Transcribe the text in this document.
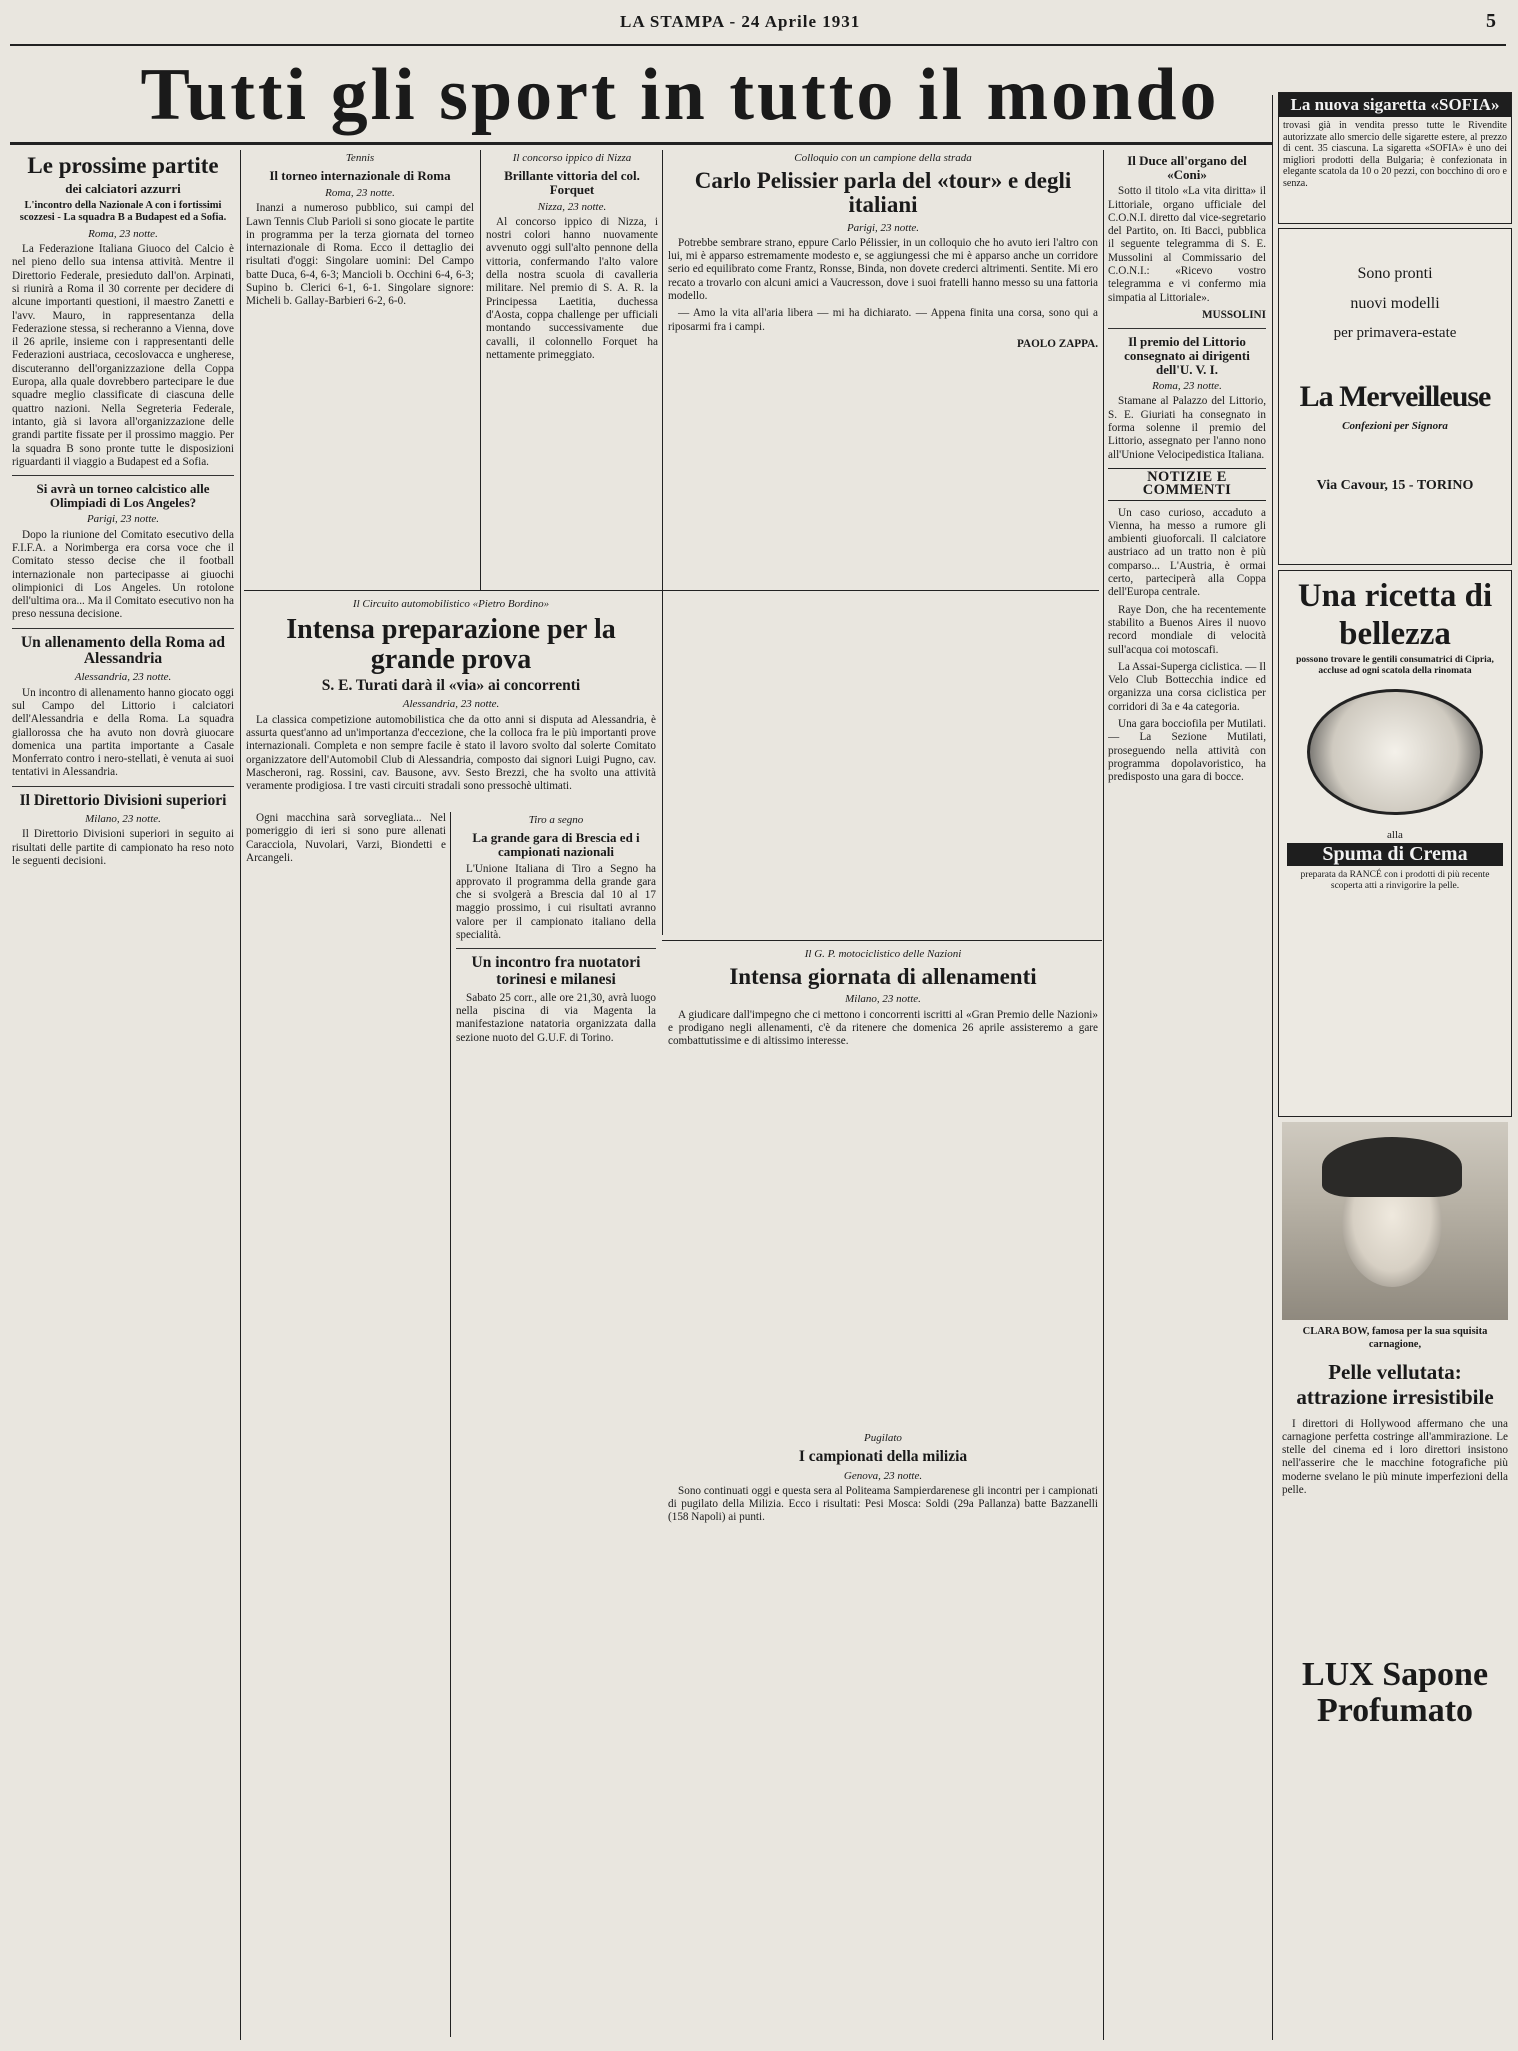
LA STAMPA - 24 Aprile 1931	5
Tutti gli sport in tutto il mondo
Le prossime partite
dei calciatori azzurri
L'incontro della Nazionale A con i fortissimi scozzesi - La squadra B a Budapest ed a Sofia.
Roma, 23 notte.

La Federazione Italiana Giuoco del Calcio è nel pieno dello sua intensa attività. Mentre il Direttorio Federale, presieduto dall'on. Arpinati, si riunirà a Roma il 30 corrente per decidere di alcune importanti questioni, il maestro Zanetti e l'avv. Mauro, in rappresentanza della Federazione stessa, si recheranno a Vienna, dove il 26 aprile, insieme con i rappresentanti delle Federazioni austriaca, cecoslovacca e ungherese, discuteranno dell'organizzazione della Coppa Europa, alla quale dovrebbero partecipare le due squadre meglio classificate di ciascuna delle quattro nazioni. Nella Segreteria Federale, intanto, già si lavora all'organizzazione delle grandi partite fissate per il prossimo maggio. Per la squadra B sono pronte tutte le disposizioni riguardanti il viaggio a Budapest ed a Sofia.

Si avrà un torneo calcistico alle Olimpiadi di Los Angeles?
Parigi, 23 notte.

Dopo la riunione del Comitato esecutivo della F.I.F.A. a Norimberga era corsa voce che il Comitato stesso decise che il football internazionale non partecipasse ai giuochi olimpionici di Los Angeles. Un rotolone dell'ultima ora... Ma il Comitato esecutivo non ha preso nessuna decisione.

Un allenamento della Roma ad Alessandria
Alessandria, 23 notte.

Un incontro di allenamento hanno giocato oggi sul Campo del Littorio i calciatori dell'Alessandria e della Roma. La squadra giallorossa che ha avuto non dovrà giuocare domenica una partita importante a Casale Monferrato contro i nero-stellati, è venuta ai suoi tentativi in Alessandria.

Il Direttorio Divisioni superiori
Milano, 23 notte.

Il Direttorio Divisioni superiori in seguito ai risultati delle partite di campionato ha reso noto le seguenti decisioni.

Tennis
Il torneo internazionale di Roma
Roma, 23 notte.

Inanzi a numeroso pubblico, sui campi del Lawn Tennis Club Parioli si sono giocate le partite in programma per la terza giornata del torneo internazionale di Roma. Ecco il dettaglio dei risultati d'oggi: Singolare uomini: Del Campo batte Duca, 6-4, 6-3; Mancioli b. Occhini 6-4, 6-3; Supino b. Clerici 6-1, 6-1. Singolare signore: Micheli b. Gallay-Barbieri 6-2, 6-0.

Il concorso ippico di Nizza
Brillante vittoria del col. Forquet
Nizza, 23 notte.

Al concorso ippico di Nizza, i nostri colori hanno nuovamente avvenuto oggi sull'alto pennone della vittoria, confermando l'alto valore della nostra scuola di cavalleria militare. Nel premio di S. A. R. la Principessa Laetitia, duchessa d'Aosta, coppa challenge per ufficiali montando successivamente due cavalli, il colonnello Forquet ha nettamente primeggiato.

Colloquio con un campione della strada
Carlo Pelissier parla del «tour» e degli italiani
Parigi, 23 notte.

Potrebbe sembrare strano, eppure Carlo Pélissier, in un colloquio che ho avuto ieri l'altro con lui, mi è apparso estremamente modesto e, se aggiungessi che mi è apparso anche un corridore serio ed equilibrato come Frantz, Ronsse, Binda, non dovete crederci altrimenti. Sentite. Mi ero recato a trovarlo con alcuni amici a Vaucresson, dove i suoi fratelli hanno messo su una fattoria modello.

— Amo la vita all'aria libera — mi ha dichiarato. — Appena finita una corsa, sono qui a riposarmi fra i campi.

PAOLO ZAPPA.

Il Circuito automobilistico «Pietro Bordino»
Intensa preparazione per la grande prova
S. E. Turati darà il «via» ai concorrenti
Alessandria, 23 notte.

La classica competizione automobilistica che da otto anni si disputa ad Alessandria, è assurta quest'anno ad un'importanza d'eccezione, che la colloca fra le più importanti prove internazionali. Completa e non sempre facile è stato il lavoro svolto dal solerte Comitato organizzatore dell'Automobil Club di Alessandria, composto dai signori Luigi Pugno, cav. Mascheroni, rag. Rossini, cav. Bausone, avv. Sesto Brezzi, che ha svolto una attività veramente prodigiosa. I tre vasti circuiti stradali sono pressochè ultimati.

Ogni macchina sarà sorvegliata... Nel pomeriggio di ieri si sono pure allenati Caracciola, Nuvolari, Varzi, Biondetti e Arcangeli.

Tiro a segno
La grande gara di Brescia ed i campionati nazionali

L'Unione Italiana di Tiro a Segno ha approvato il programma della grande gara che si svolgerà a Brescia dal 10 al 17 maggio prossimo, i cui risultati avranno valore per il campionato italiano della specialità.

Un incontro fra nuotatori torinesi e milanesi

Sabato 25 corr., alle ore 21,30, avrà luogo nella piscina di via Magenta la manifestazione natatoria organizzata dalla sezione nuoto del G.U.F. di Torino.

Il G. P. motociclistico delle Nazioni
Intensa giornata di allenamenti
Milano, 23 notte.

A giudicare dall'impegno che ci mettono i concorrenti iscritti al «Gran Premio delle Nazioni» e prodigano negli allenamenti, c'è da ritenere che domenica 26 aprile assisteremo a gare combattutissime e di altissimo interesse.

Pugilato
I campionati della milizia
Genova, 23 notte.

Sono continuati oggi e questa sera al Politeama Sampierdarenese gli incontri per i campionati di pugilato della Milizia. Ecco i risultati: Pesi Mosca: Soldi (29a Pallanza) batte Bazzanelli (158 Napoli) ai punti.

Il Duce all'organo del «Coni»

Sotto il titolo «La vita diritta» il Littoriale, organo ufficiale del C.O.N.I. diretto dal vice-segretario del Partito, on. Iti Bacci, pubblica il seguente telegramma di S. E. Mussolini al Commissario del C.O.N.I.: «Ricevo vostro telegramma e vi confermo mia simpatia al Littoriale».

MUSSOLINI

Il premio del Littorio consegnato ai dirigenti dell'U. V. I.
Roma, 23 notte.

Stamane al Palazzo del Littorio, S. E. Giuriati ha consegnato in forma solenne il premio del Littorio, assegnato per l'anno nono all'Unione Velocipedistica Italiana.

NOTIZIE E COMMENTI

Un caso curioso, accaduto a Vienna, ha messo a rumore gli ambienti giuoforcali. Il calciatore austriaco ad un tratto non è più comparso... L'Austria, è ormai certo, parteciperà alla Coppa dell'Europa centrale.

Raye Don, che ha recentemente stabilito a Buenos Aires il nuovo record mondiale di velocità sull'acqua coi motoscafi.

La Assai-Superga ciclistica. — Il Velo Club Bottecchia indice ed organizza una corsa ciclistica per corridori di 3a e 4a categoria.

Una gara bocciofila per Mutilati. — La Sezione Mutilati, proseguendo nella attività con programma dopolavoristico, ha predisposto una gara di bocce.

La nuova sigaretta «SOFIA»
trovasi già in vendita presso tutte le Rivendite autorizzate allo smercio delle sigarette estere, al prezzo di cent. 35 ciascuna. La sigaretta «SOFIA» è uno dei migliori prodotti della Bulgaria; è confezionata in elegante scatola da 10 o 20 pezzi, con bocchino di oro e senza.
Sono pronti
nuovi modelli
per primavera-estate
La Merveilleuse
Confezioni per Signora
Via Cavour, 15 - TORINO
Una ricetta di bellezza
possono trovare le gentili consumatrici di Cipria, accluse ad ogni scatola della rinomata
alla
Spuma di Crema
preparata da RANCÉ con i prodotti di più recente scoperta atti a rinvigorire la pelle.
CLARA BOW, famosa per la sua squisita carnagione,
Pelle vellutata: attrazione irresistibile

I direttori di Hollywood affermano che una carnagione perfetta costringe all'ammirazione. Le stelle del cinema ed i loro direttori insistono nell'asserire che le macchine fotografiche più moderne svelano le più minute imperfezioni della pelle.

LUX Sapone
Profumato
